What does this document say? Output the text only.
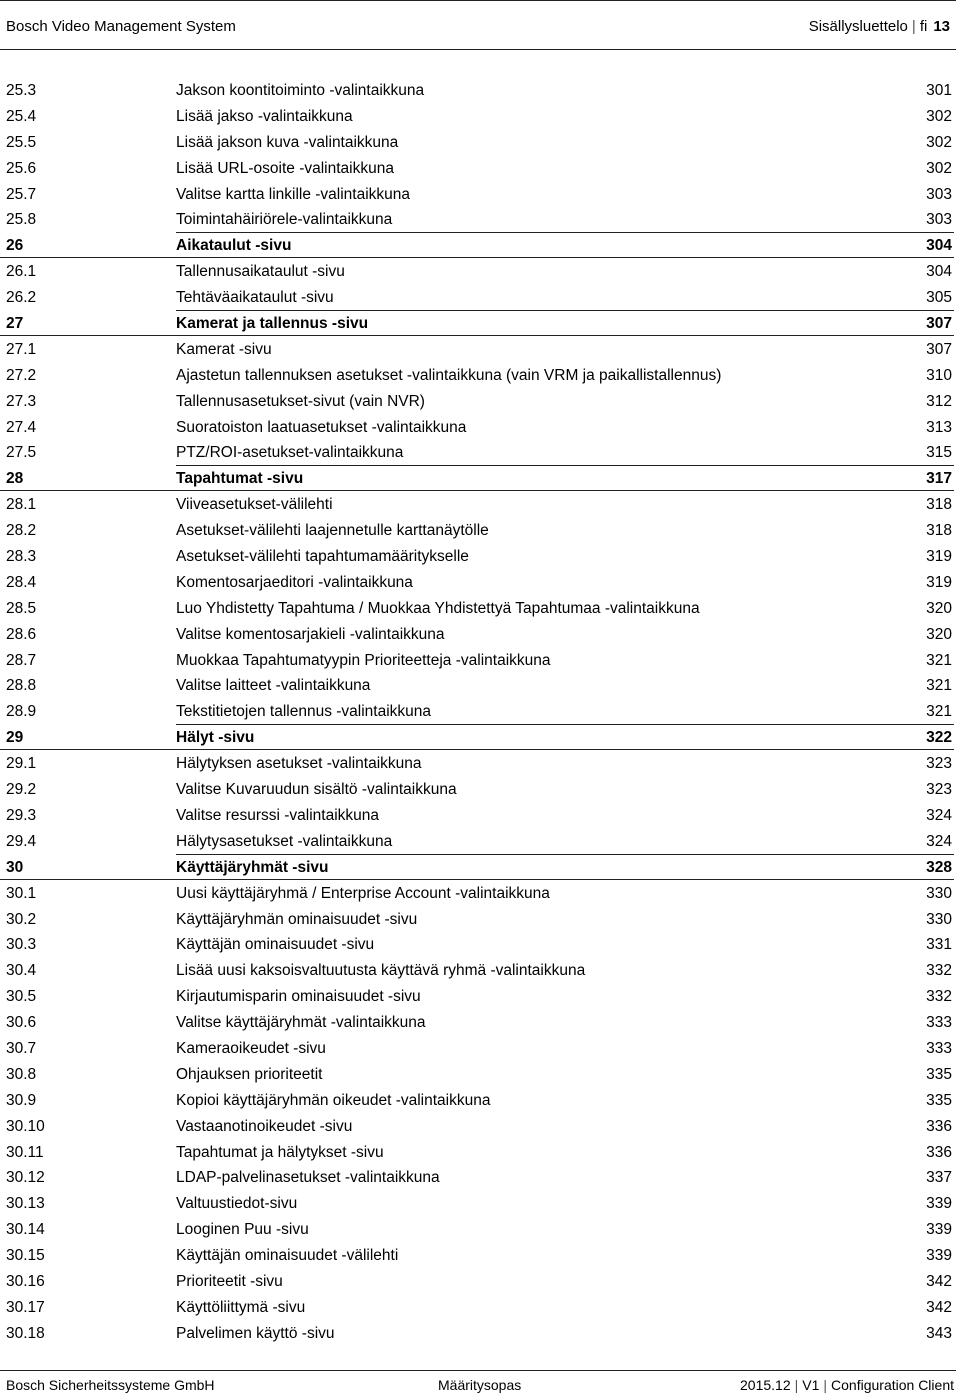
Bosch Video Management System	Sisällysluettelo | fi 13
25.3	Jakson koontitoiminto -valintaikkuna	301
25.4	Lisää jakso -valintaikkuna	302
25.5	Lisää jakson kuva -valintaikkuna	302
25.6	Lisää URL-osoite -valintaikkuna	302
25.7	Valitse kartta linkille -valintaikkuna	303
25.8	Toimintahäiriörele-valintaikkuna	303
26	Aikataulut -sivu	304
26.1	Tallennusaikataulut -sivu	304
26.2	Tehtäväaikataulut -sivu	305
27	Kamerat ja tallennus -sivu	307
27.1	Kamerat -sivu	307
27.2	Ajastetun tallennuksen asetukset -valintaikkuna (vain VRM ja paikallistallennus)	310
27.3	Tallennusasetukset-sivut (vain NVR)	312
27.4	Suoratoiston laatuasetukset -valintaikkuna	313
27.5	PTZ/ROI-asetukset-valintaikkuna	315
28	Tapahtumat -sivu	317
28.1	Viiveasetukset-välilehti	318
28.2	Asetukset-välilehti laajennetulle karttanäytölle	318
28.3	Asetukset-välilehti tapahtumamääritykselle	319
28.4	Komentosarjaeditori -valintaikkuna	319
28.5	Luo Yhdistetty Tapahtuma / Muokkaa Yhdistettyä Tapahtumaa -valintaikkuna	320
28.6	Valitse komentosarjakieli -valintaikkuna	320
28.7	Muokkaa Tapahtumatyypin Prioriteetteja -valintaikkuna	321
28.8	Valitse laitteet -valintaikkuna	321
28.9	Tekstitietojen tallennus -valintaikkuna	321
29	Hälyt -sivu	322
29.1	Hälytyksen asetukset -valintaikkuna	323
29.2	Valitse Kuvaruudun sisältö -valintaikkuna	323
29.3	Valitse resurssi -valintaikkuna	324
29.4	Hälytysasetukset -valintaikkuna	324
30	Käyttäjäryhmät -sivu	328
30.1	Uusi käyttäjäryhmä / Enterprise Account -valintaikkuna	330
30.2	Käyttäjäryhmän ominaisuudet -sivu	330
30.3	Käyttäjän ominaisuudet -sivu	331
30.4	Lisää uusi kaksoisvaltuutusta käyttävä ryhmä -valintaikkuna	332
30.5	Kirjautumisparin ominaisuudet -sivu	332
30.6	Valitse käyttäjäryhmät -valintaikkuna	333
30.7	Kameraoikeudet -sivu	333
30.8	Ohjauksen prioriteetit	335
30.9	Kopioi käyttäjäryhmän oikeudet -valintaikkuna	335
30.10	Vastaanotinoikeudet -sivu	336
30.11	Tapahtumat ja hälytykset -sivu	336
30.12	LDAP-palvelinasetukset -valintaikkuna	337
30.13	Valtuustiedot-sivu	339
30.14	Looginen Puu -sivu	339
30.15	Käyttäjän ominaisuudet -välilehti	339
30.16	Prioriteetit -sivu	342
30.17	Käyttöliittymä -sivu	342
30.18	Palvelimen käyttö -sivu	343
Bosch Sicherheitssysteme GmbH	Määritysopas	2015.12 | V1 | Configuration Client
